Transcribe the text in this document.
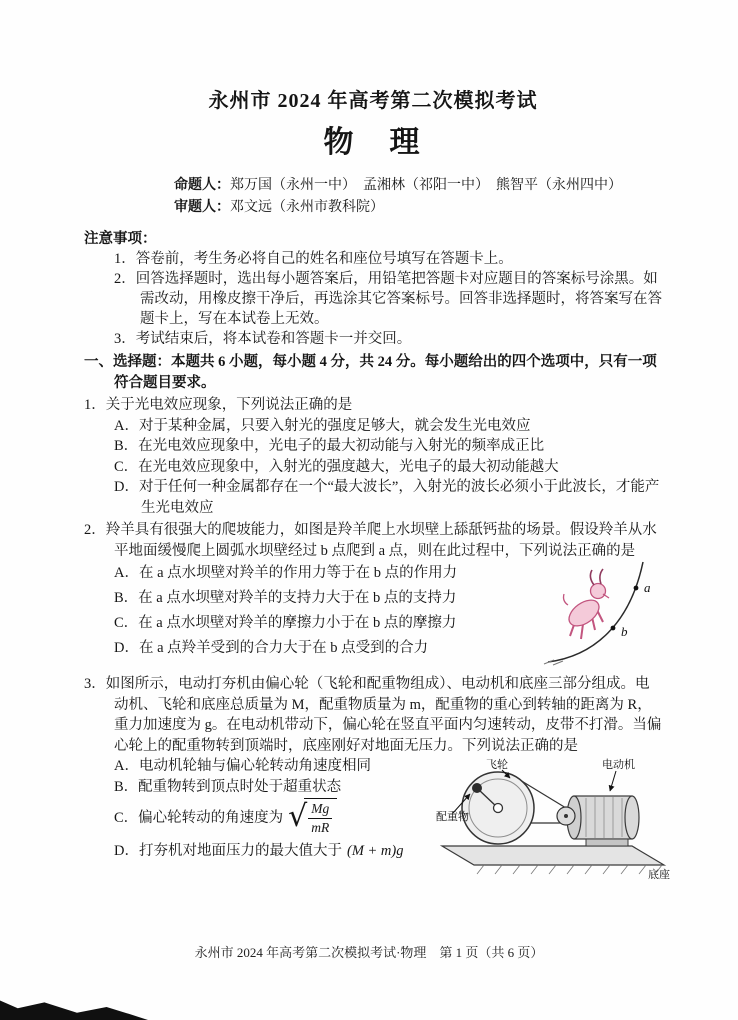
永州市 2024 年高考第二次模拟考试
物　理
命题人：郑万国（永州一中）　孟湘林（祁阳一中）　熊智平（永州四中）
审题人：邓文远（永州市教科院）
注意事项：
1．答卷前，考生务必将自己的姓名和座位号填写在答题卡上。
2．回答选择题时，选出每小题答案后，用铅笔把答题卡对应题目的答案标号涂黑。如需改动，用橡皮擦干净后，再选涂其它答案标号。回答非选择题时，将答案写在答题卡上，写在本试卷上无效。
3．考试结束后，将本试卷和答题卡一并交回。
一、选择题：本题共 6 小题，每小题 4 分，共 24 分。每小题给出的四个选项中，只有一项符合题目要求。
1．关于光电效应现象，下列说法正确的是
A．对于某种金属，只要入射光的强度足够大，就会发生光电效应
B．在光电效应现象中，光电子的最大初动能与入射光的频率成正比
C．在光电效应现象中，入射光的强度越大，光电子的最大初动能越大
D．对于任何一种金属都存在一个“最大波长”，入射光的波长必须小于此波长，才能产生光电效应
2．羚羊具有很强大的爬坡能力，如图是羚羊爬上水坝壁上舔舐钙盐的场景。假设羚羊从水平地面缓慢爬上圆弧水坝壁经过 b 点爬到 a 点，则在此过程中，下列说法正确的是
a
b
A．在 a 点水坝壁对羚羊的作用力等于在 b 点的作用力
B．在 a 点水坝壁对羚羊的支持力大于在 b 点的支持力
C．在 a 点水坝壁对羚羊的摩擦力小于在 b 点的摩擦力
D．在 a 点羚羊受到的合力大于在 b 点受到的合力
3．如图所示，电动打夯机由偏心轮（飞轮和配重物组成）、电动机和底座三部分组成。电动机、飞轮和底座总质量为 M，配重物质量为 m，配重物的重心到转轴的距离为 R，重力加速度为 g。在电动机带动下，偏心轮在竖直平面内匀速转动，皮带不打滑。当偏心轮上的配重物转到顶端时，底座刚好对地面无压力。下列说法正确的是
飞轮	电动机
配重物
底座
A．电动机轮轴与偏心轮转动角速度相同
B．配重物转到顶点时处于超重状态
C．偏心轮转动的角速度为 √ $\frac{Mg}{mR}$
D．打夯机对地面压力的最大值大于 (M + m)g
永州市 2024 年高考第二次模拟考试·物理　第 1 页（共 6 页）
